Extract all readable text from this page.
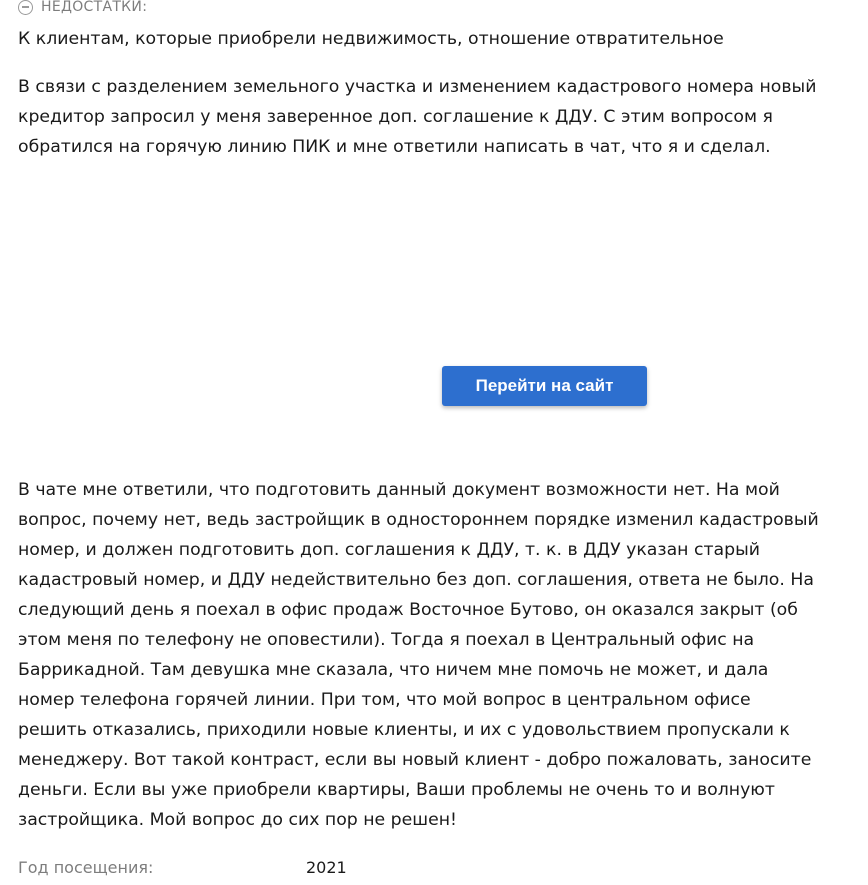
НЕДОСТАТКИ:
К клиентам, которые приобрели недвижимость, отношение отвратительное
В связи с разделением земельного участка и изменением кадастрового номера новый
кредитор запросил у меня заверенное доп. соглашение к ДДУ. С этим вопросом я
обратился на горячую линию ПИК и мне ответили написать в чат, что я и сделал.
Перейти на сайт
В чате мне ответили, что подготовить данный документ возможности нет. На мой
вопрос, почему нет, ведь застройщик в одностороннем порядке изменил кадастровый
номер, и должен подготовить доп. соглашения к ДДУ, т. к. в ДДУ указан старый
кадастровый номер, и ДДУ недействительно без доп. соглашения, ответа не было. На
следующий день я поехал в офис продаж Восточное Бутово, он оказался закрыт (об
этом меня по телефону не оповестили). Тогда я поехал в Центральный офис на
Баррикадной. Там девушка мне сказала, что ничем мне помочь не может, и дала
номер телефона горячей линии. При том, что мой вопрос в центральном офисе
решить отказались, приходили новые клиенты, и их с удовольствием пропускали к
менеджеру. Вот такой контраст, если вы новый клиент - добро пожаловать, заносите
деньги. Если вы уже приобрели квартиры, Ваши проблемы не очень то и волнуют
застройщика. Мой вопрос до сих пор не решен!
Год посещения:	2021
